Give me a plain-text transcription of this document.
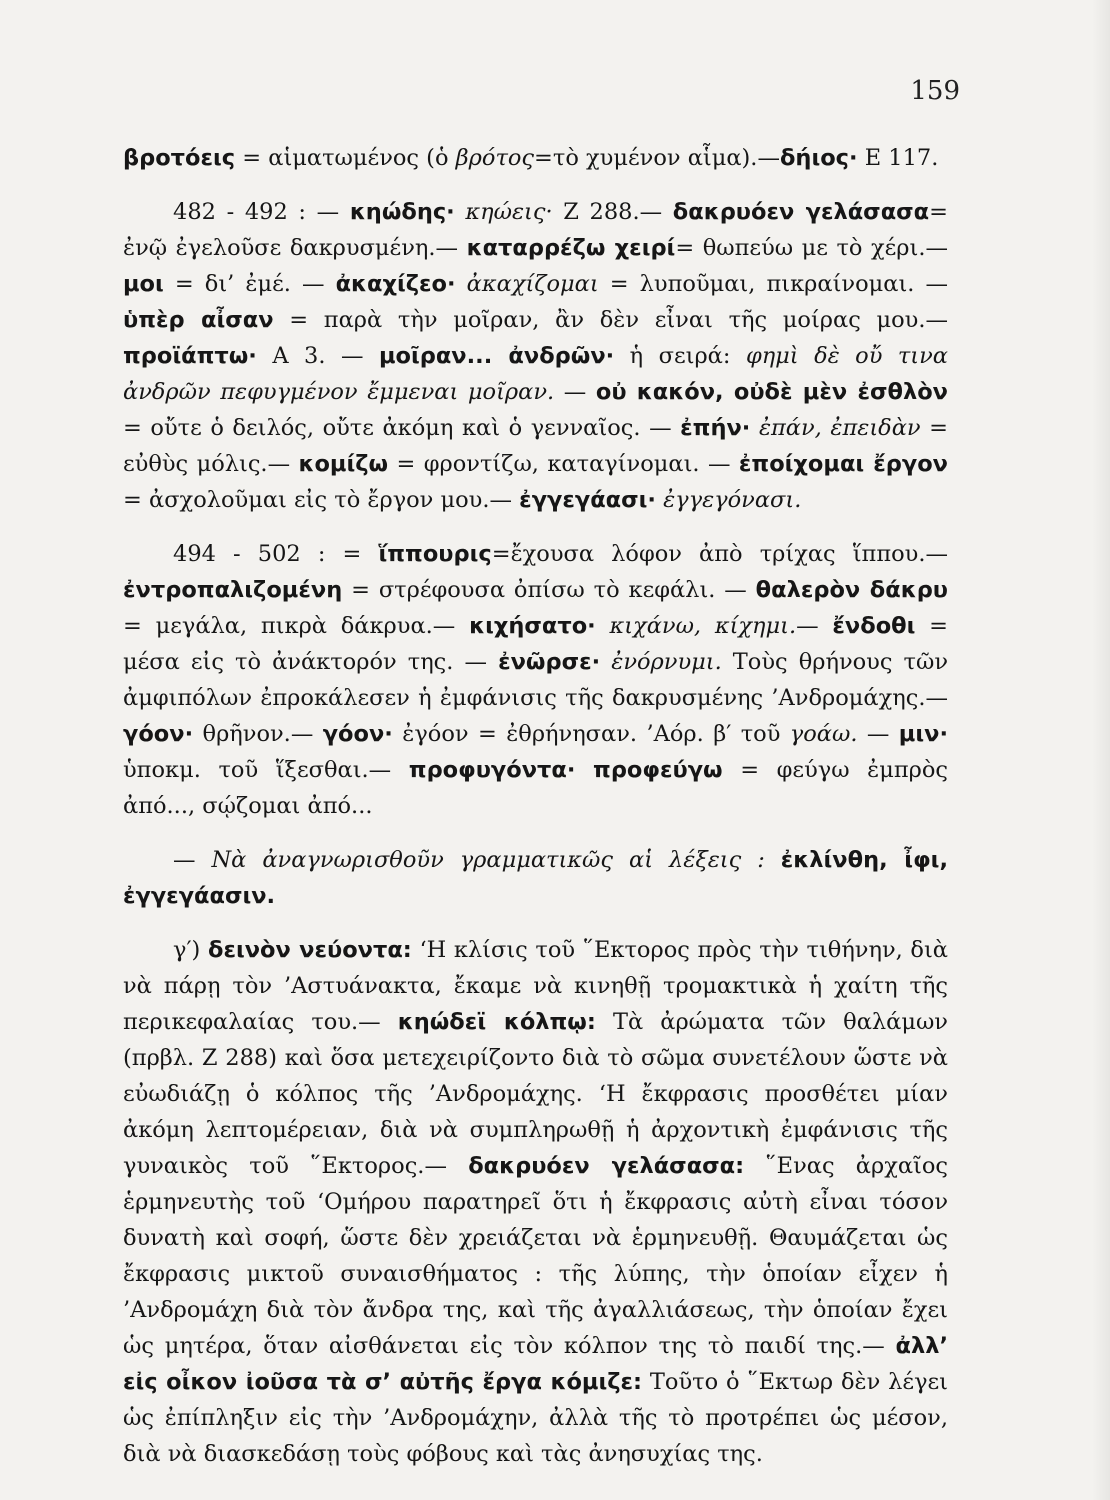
159

βροτόεις = αἱματωμένος (ὁ βρότος=τὸ χυμένον αἷμα).—δήιος· Ε 117.

482 - 492 : — κηώδης· κηώεις· Ζ 288.— δακρυόεν γελάσασα= ἐνῷ ἐγελοῦσε δακρυσμένη.— καταρρέζω χειρί= θωπεύω με τὸ χέρι.— μοι = δι’ ἐμέ. — ἀκαχίζεο· ἀκαχίζομαι = λυποῦμαι, πικραίνομαι. — ὑπὲρ αἶσαν = παρὰ τὴν μοῖραν, ἂν δὲν εἶναι τῆς μοίρας μου.— προϊάπτω· Α 3. — μοῖραν... ἀνδρῶν· ἡ σειρά: φημὶ δὲ οὔ τινα ἀνδρῶν πεφυγμένον ἔμμεναι μοῖραν. — οὐ κακόν, οὐδὲ μὲν ἐσθλὸν = οὔτε ὁ δειλός, οὔτε ἀκόμη καὶ ὁ γενναῖος. — ἐπήν· ἐπάν, ἐπειδὰν = εὐθὺς μόλις.— κομίζω = φροντίζω, καταγίνομαι. — ἐποίχομαι ἔργον = ἀσχολοῦμαι εἰς τὸ ἔργον μου.— ἐγγεγάασι· ἐγγεγόνασι.

494 - 502 : = ἵππουρις=ἔχουσα λόφον ἀπὸ τρίχας ἵππου.—ἐντροπαλιζομένη = στρέφουσα ὀπίσω τὸ κεφάλι. — θαλερὸν δάκρυ = μεγάλα, πικρὰ δάκρυα.— κιχήσατο· κιχάνω, κίχημι.— ἔνδοθι = μέσα εἰς τὸ ἀνάκτορόν της. — ἐνῶρσε· ἐνόρνυμι. Τοὺς θρήνους τῶν ἀμφιπόλων ἐπροκάλεσεν ἡ ἐμφάνισις τῆς δακρυσμένης ’Ανδρομάχης.— γόον· θρῆνον.— γόον· ἐγόον = ἐθρήνησαν. ’Αόρ. β′ τοῦ γοάω. — μιν· ὑποκμ. τοῦ ἵξεσθαι.— προφυγόντα· προφεύγω = φεύγω ἐμπρὸς ἀπό..., σῴζομαι ἀπό...

— Νὰ ἀναγνωρισθοῦν γραμματικῶς αἱ λέξεις : ἐκλίνθη, ἶφι, ἐγγεγάασιν.

γ′) δεινὸν νεύοντα: ‘Η κλίσις τοῦ ῞Εκτορος πρὸς τὴν τιθήνην, διὰ νὰ πάρῃ τὸν ’Αστυάνακτα, ἔκαμε νὰ κινηθῇ τρομακτικὰ ἡ χαίτη τῆς περικεφαλαίας του.— κηώδεϊ κόλπῳ: Τὰ ἀρώματα τῶν θαλάμων (πρβλ. Ζ 288) καὶ ὅσα μετεχειρίζοντο διὰ τὸ σῶμα συνετέλουν ὥστε νὰ εὐωδιάζῃ ὁ κόλπος τῆς ’Ανδρομάχης. ‘Η ἔκφρασις προσθέτει μίαν ἀκόμη λεπτομέρειαν, διὰ νὰ συμπληρωθῇ ἡ ἀρχοντικὴ ἐμφάνισις τῆς γυναικὸς τοῦ ῞Εκτορος.— δακρυόεν γελάσασα: ῞Ενας ἀρχαῖος ἑρμηνευτὴς τοῦ ‘Ομήρου παρατηρεῖ ὅτι ἡ ἔκφρασις αὐτὴ εἶναι τόσον δυνατὴ καὶ σοφή, ὥστε δὲν χρειάζεται νὰ ἑρμηνευθῇ. Θαυμάζεται ὡς ἔκφρασις μικτοῦ συναισθήματος : τῆς λύπης, τὴν ὁποίαν εἶχεν ἡ ’Ανδρομάχη διὰ τὸν ἄνδρα της, καὶ τῆς ἀγαλλιάσεως, τὴν ὁποίαν ἔχει ὡς μητέρα, ὅταν αἰσθάνεται εἰς τὸν κόλπον της τὸ παιδί της.— ἀλλ’ εἰς οἶκον ἰοῦσα τὰ σ’ αὐτῆς ἔργα κόμιζε: Τοῦτο ὁ ῞Εκτωρ δὲν λέγει ὡς ἐπίπληξιν εἰς τὴν ’Ανδρομάχην, ἀλλὰ τῆς τὸ προτρέπει ὡς μέσον, διὰ νὰ διασκεδάσῃ τοὺς φόβους καὶ τὰς ἀνησυχίας της.
